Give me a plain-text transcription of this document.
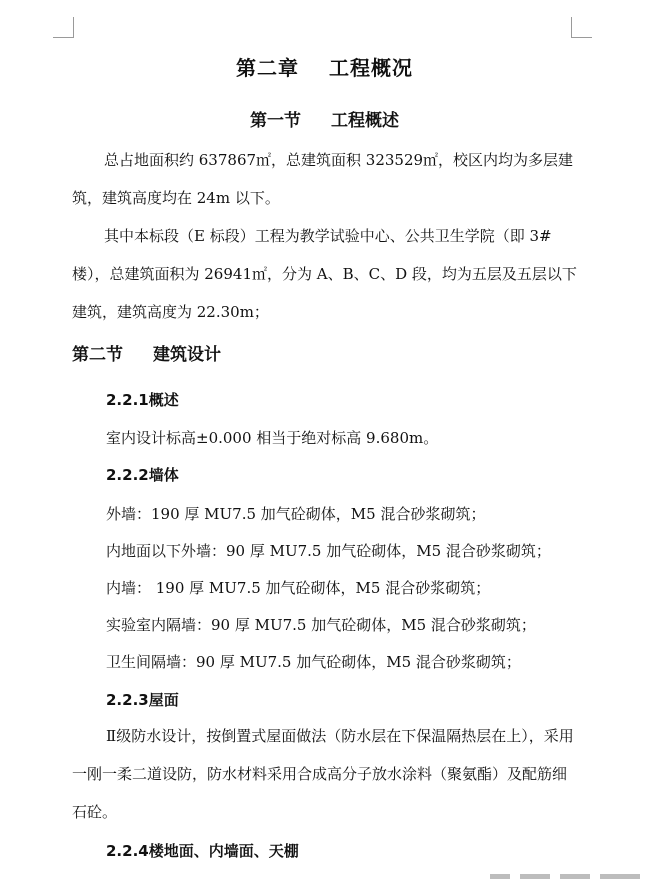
第二章 工程概况
第一节 工程概述
总占地面积约 637867㎡，总建筑面积 323529㎡，校区内均为多层建筑，建筑高度均在 24m 以下。
其中本标段（E 标段）工程为教学试验中心、公共卫生学院（即 3#楼），总建筑面积为 26941㎡，分为 A、B、C、D 段，均为五层及五层以下建筑，建筑高度为 22.30m；
第二节 建筑设计
2.2.1概述
室内设计标高±0.000 相当于绝对标高 9.680m。
2.2.2墙体
外墙：190 厚 MU7.5 加气砼砌体，M5 混合砂浆砌筑；
内地面以下外墙：90 厚 MU7.5 加气砼砌体，M5 混合砂浆砌筑；
内墙： 190 厚 MU7.5 加气砼砌体，M5 混合砂浆砌筑；
实验室内隔墙：90 厚 MU7.5 加气砼砌体，M5 混合砂浆砌筑；
卫生间隔墙：90 厚 MU7.5 加气砼砌体，M5 混合砂浆砌筑；
2.2.3屋面
Ⅱ级防水设计，按倒置式屋面做法（防水层在下保温隔热层在上），采用一刚一柔二道设防，防水材料采用合成高分子放水涂料（聚氨酯）及配筋细石砼。
2.2.4楼地面、内墙面、天棚
